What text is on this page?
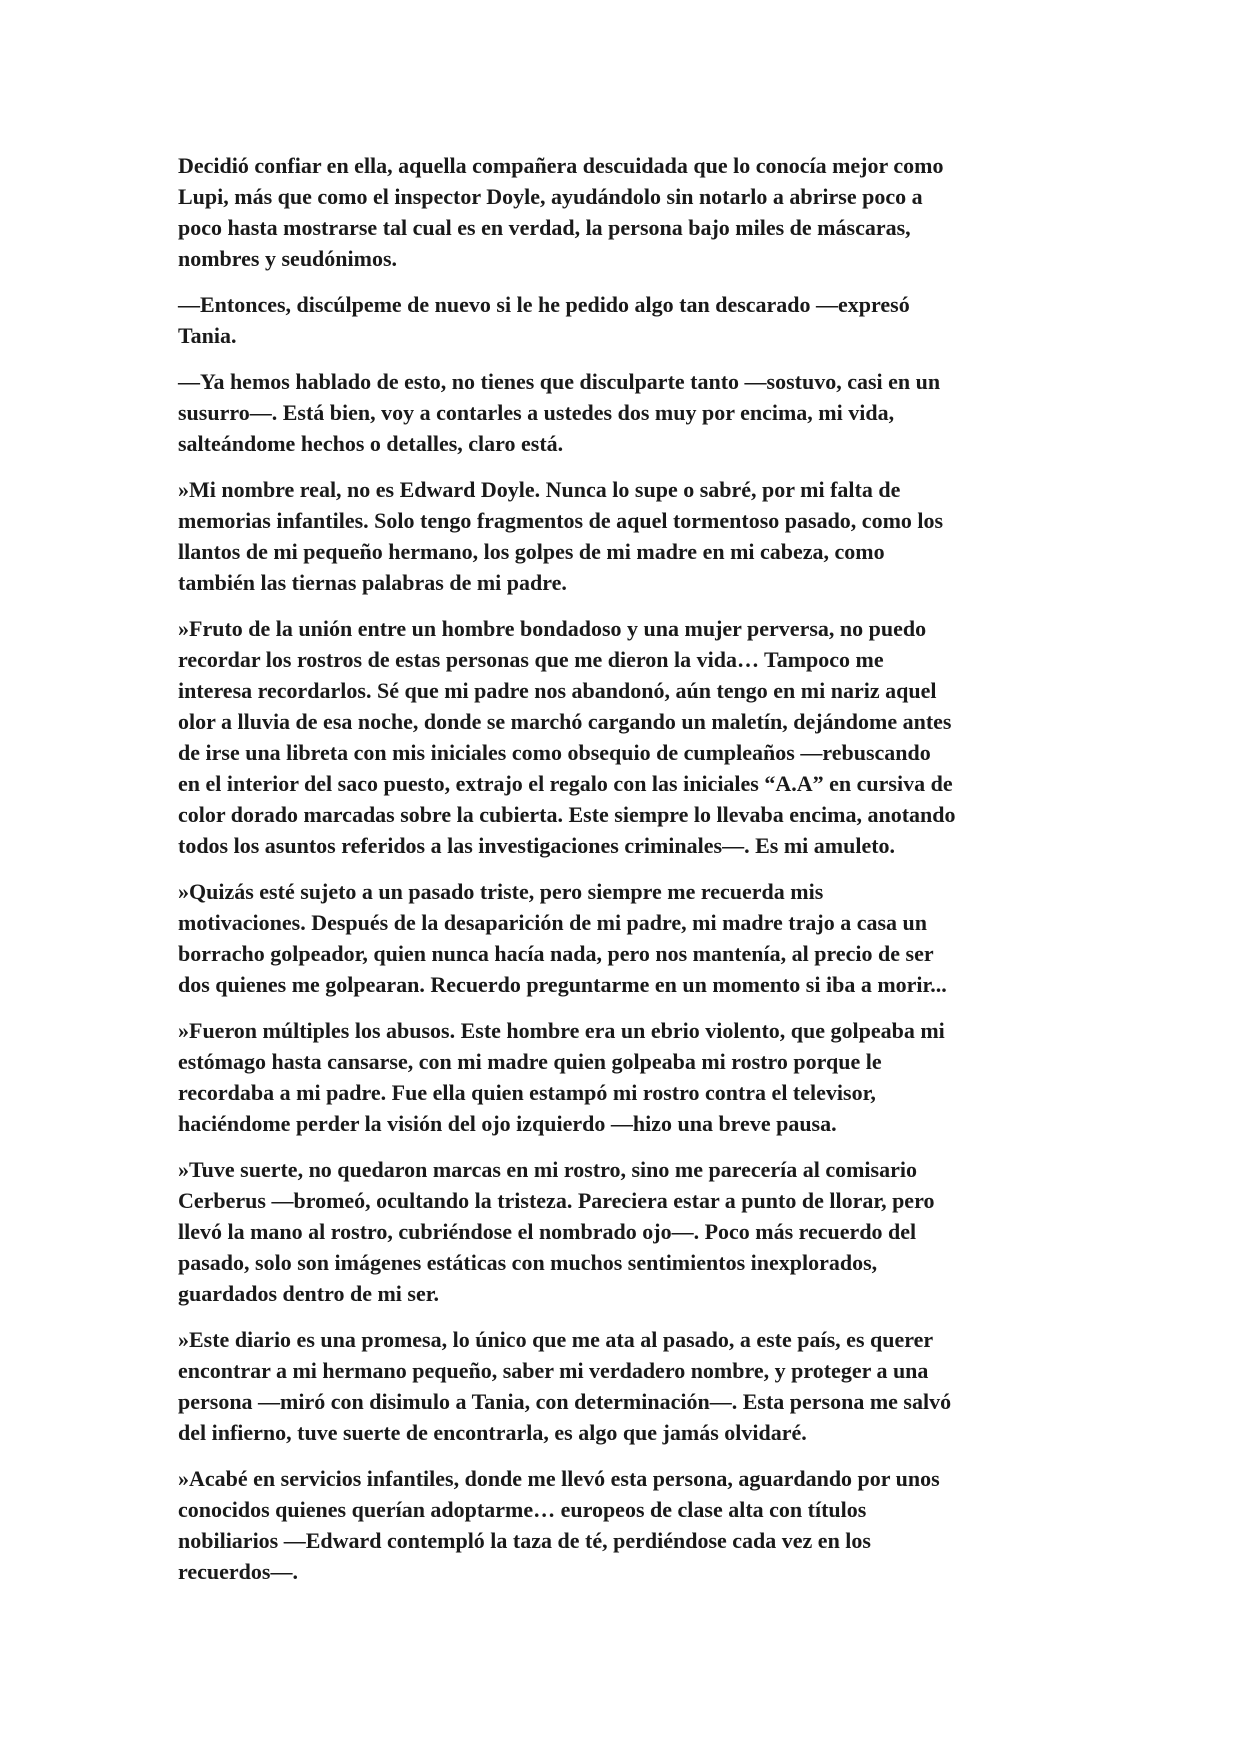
Decidió confiar en ella, aquella compañera descuidada que lo conocía mejor como
Lupi, más que como el inspector Doyle, ayudándolo sin notarlo a abrirse poco a
poco hasta mostrarse tal cual es en verdad, la persona bajo miles de máscaras,
nombres y seudónimos.

—Entonces, discúlpeme de nuevo si le he pedido algo tan descarado —expresó
Tania.

—Ya hemos hablado de esto, no tienes que disculparte tanto —sostuvo, casi en un
susurro—. Está bien, voy a contarles a ustedes dos muy por encima, mi vida,
salteándome hechos o detalles, claro está.

»Mi nombre real, no es Edward Doyle. Nunca lo supe o sabré, por mi falta de
memorias infantiles. Solo tengo fragmentos de aquel tormentoso pasado, como los
llantos de mi pequeño hermano, los golpes de mi madre en mi cabeza, como
también las tiernas palabras de mi padre.

»Fruto de la unión entre un hombre bondadoso y una mujer perversa, no puedo
recordar los rostros de estas personas que me dieron la vida… Tampoco me
interesa recordarlos. Sé que mi padre nos abandonó, aún tengo en mi nariz aquel
olor a lluvia de esa noche, donde se marchó cargando un maletín, dejándome antes
de irse una libreta con mis iniciales como obsequio de cumpleaños —rebuscando
en el interior del saco puesto, extrajo el regalo con las iniciales “A.A” en cursiva de
color dorado marcadas sobre la cubierta. Este siempre lo llevaba encima, anotando
todos los asuntos referidos a las investigaciones criminales—. Es mi amuleto.

»Quizás esté sujeto a un pasado triste, pero siempre me recuerda mis
motivaciones. Después de la desaparición de mi padre, mi madre trajo a casa un
borracho golpeador, quien nunca hacía nada, pero nos mantenía, al precio de ser
dos quienes me golpearan. Recuerdo preguntarme en un momento si iba a morir...

»Fueron múltiples los abusos. Este hombre era un ebrio violento, que golpeaba mi
estómago hasta cansarse, con mi madre quien golpeaba mi rostro porque le
recordaba a mi padre. Fue ella quien estampó mi rostro contra el televisor,
haciéndome perder la visión del ojo izquierdo —hizo una breve pausa.

»Tuve suerte, no quedaron marcas en mi rostro, sino me parecería al comisario
Cerberus —bromeó, ocultando la tristeza. Pareciera estar a punto de llorar, pero
llevó la mano al rostro, cubriéndose el nombrado ojo—. Poco más recuerdo del
pasado, solo son imágenes estáticas con muchos sentimientos inexplorados,
guardados dentro de mi ser.

»Este diario es una promesa, lo único que me ata al pasado, a este país, es querer
encontrar a mi hermano pequeño, saber mi verdadero nombre, y proteger a una
persona —miró con disimulo a Tania, con determinación—. Esta persona me salvó
del infierno, tuve suerte de encontrarla, es algo que jamás olvidaré.

»Acabé en servicios infantiles, donde me llevó esta persona, aguardando por unos
conocidos quienes querían adoptarme… europeos de clase alta con títulos
nobiliarios —Edward contempló la taza de té, perdiéndose cada vez en los
recuerdos—.
